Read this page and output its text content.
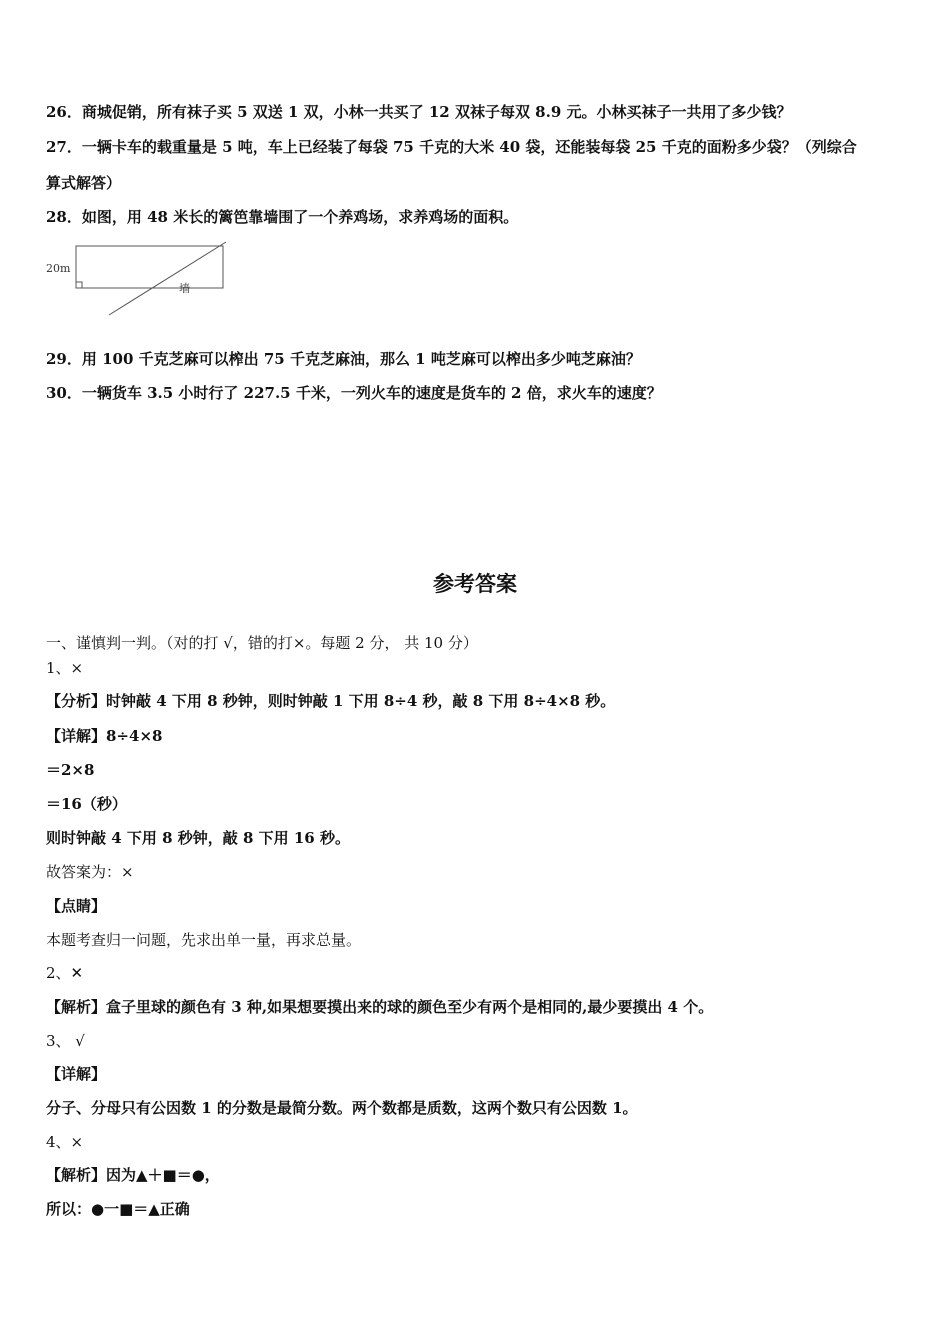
26．商城促销，所有袜子买 5 双送 1 双，小林一共买了 12 双袜子每双 8.9 元。小林买袜子一共用了多少钱？
27．一辆卡车的载重量是 5 吨，车上已经装了每袋 75 千克的大米 40 袋，还能装每袋 25 千克的面粉多少袋？（列综合
算式解答）
28．如图，用 48 米长的篱笆靠墙围了一个养鸡场，求养鸡场的面积。
20m
墙
29．用 100 千克芝麻可以榨出 75 千克芝麻油，那么 1 吨芝麻可以榨出多少吨芝麻油？
30．一辆货车 3.5 小时行了 227.5 千米，一列火车的速度是货车的 2 倍，求火车的速度？
参考答案
一、谨慎判一判。（对的打 √，错的打×。每题 2 分， 共 10 分）
1、×
【分析】时钟敲 4 下用 8 秒钟，则时钟敲 1 下用 8÷4 秒，敲 8 下用 8÷4×8 秒。
【详解】8÷4×8
＝2×8
＝16（秒）
则时钟敲 4 下用 8 秒钟，敲 8 下用 16 秒。
故答案为：×
【点睛】
本题考查归一问题，先求出单一量，再求总量。
2、✕
【解析】盒子里球的颜色有 3 种,如果想要摸出来的球的颜色至少有两个是相同的,最少要摸出 4 个。
3、 √
【详解】
分子、分母只有公因数 1 的分数是最简分数。两个数都是质数，这两个数只有公因数 1。
4、×
【解析】因为▲＋■＝●，
所以：●一■＝▲正确
